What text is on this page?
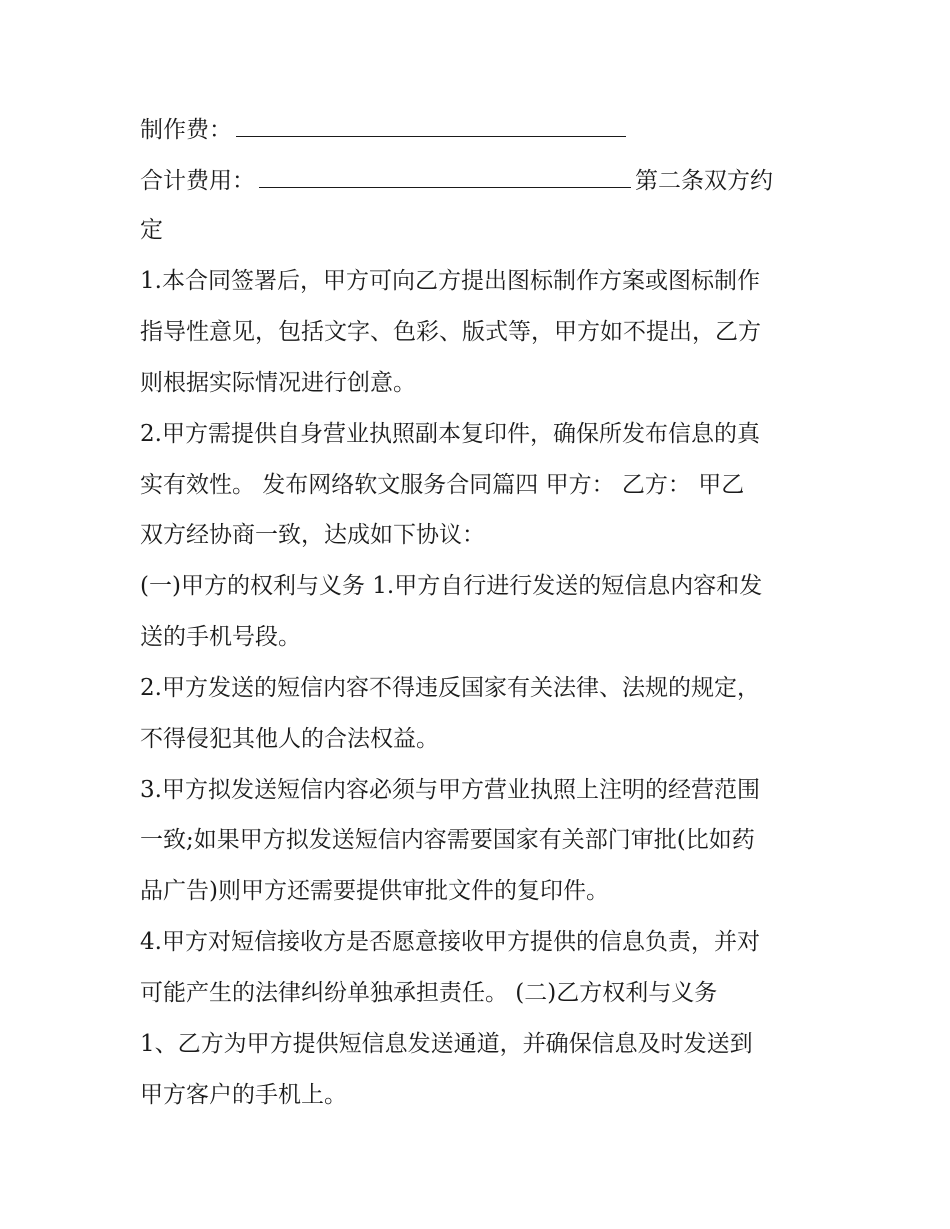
制作费：
合计费用：	第二条双方约
定
1.本合同签署后，甲方可向乙方提出图标制作方案或图标制作
指导性意见，包括文字、色彩、版式等，甲方如不提出，乙方
则根据实际情况进行创意。
2.甲方需提供自身营业执照副本复印件，确保所发布信息的真
实有效性。 发布网络软文服务合同篇四 甲方： 乙方： 甲乙
双方经协商一致，达成如下协议：
(一)甲方的权利与义务 1.甲方自行进行发送的短信息内容和发
送的手机号段。
2.甲方发送的短信内容不得违反国家有关法律、法规的规定，
不得侵犯其他人的合法权益。
3.甲方拟发送短信内容必须与甲方营业执照上注明的经营范围
一致;如果甲方拟发送短信内容需要国家有关部门审批(比如药
品广告)则甲方还需要提供审批文件的复印件。
4.甲方对短信接收方是否愿意接收甲方提供的信息负责，并对
可能产生的法律纠纷单独承担责任。 (二)乙方权利与义务
1、乙方为甲方提供短信息发送通道，并确保信息及时发送到
甲方客户的手机上。
